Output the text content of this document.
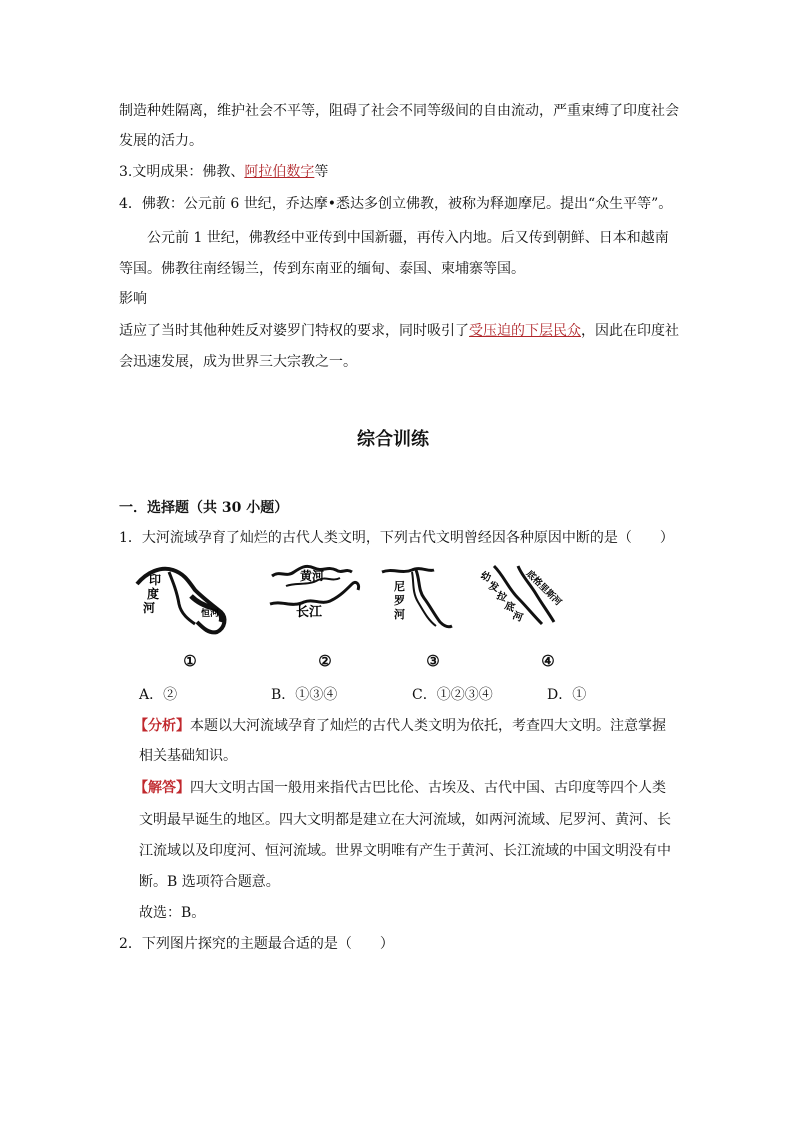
制造种姓隔离，维护社会不平等，阻碍了社会不同等级间的自由流动，严重束缚了印度社会
发展的活力。
3.文明成果：佛教、阿拉伯数字等
4．佛教：公元前 6 世纪，乔达摩•悉达多创立佛教，被称为释迦摩尼。提出“众生平等”。
公元前 1 世纪，佛教经中亚传到中国新疆，再传入内地。后又传到朝鲜、日本和越南
等国。佛教往南经锡兰，传到东南亚的缅甸、泰国、柬埔寨等国。
影响
适应了当时其他种姓反对婆罗门特权的要求，同时吸引了受压迫的下层民众，因此在印度社
会迅速发展，成为世界三大宗教之一。
综合训练
一．选择题（共 30 小题）
1．大河流域孕育了灿烂的古代人类文明，下列古代文明曾经因各种原因中断的是（　　）
印
度
河	恒河
黄河
长江
尼
罗
河
幼
发
拉
底
河
底格里斯河
①	②	③	④
A．②	B．①③④	C．①②③④	D．①
【分析】本题以大河流域孕育了灿烂的古代人类文明为依托，考查四大文明。注意掌握
相关基础知识。
【解答】四大文明古国一般用来指代古巴比伦、古埃及、古代中国、古印度等四个人类
文明最早诞生的地区。四大文明都是建立在大河流域，如两河流域、尼罗河、黄河、长
江流域以及印度河、恒河流域。世界文明唯有产生于黄河、长江流域的中国文明没有中
断。B 选项符合题意。
故选：B。
2．下列图片探究的主题最合适的是（　　）
